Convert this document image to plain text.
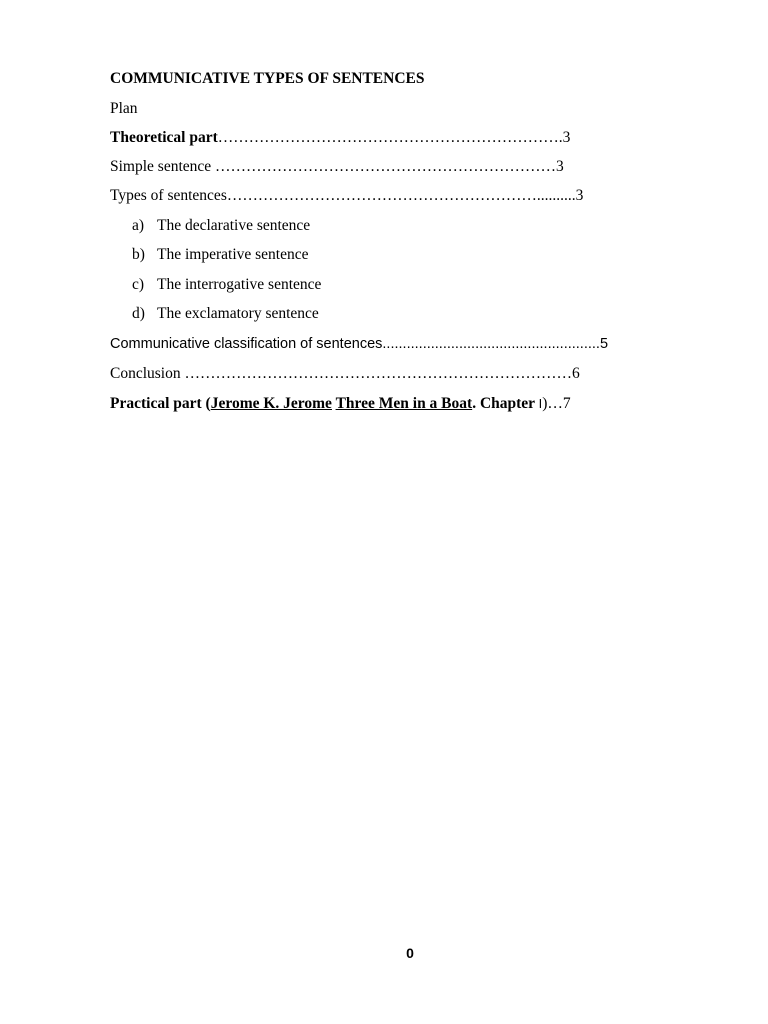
COMMUNICATIVE TYPES OF SENTENCES
Plan
Theoretical part………………………………………………………….3
Simple sentence …………………………………………………………3
Types of sentences……………………………………………………..........3
a) The declarative sentence
b) The imperative sentence
c) The interrogative sentence
d) The exclamatory sentence
Communicative classification of sentences......................................................5
Conclusion …………………………………………………………………6
Practical part (Jerome K. Jerome Three Men in a Boat. Chapter I)…7
0
